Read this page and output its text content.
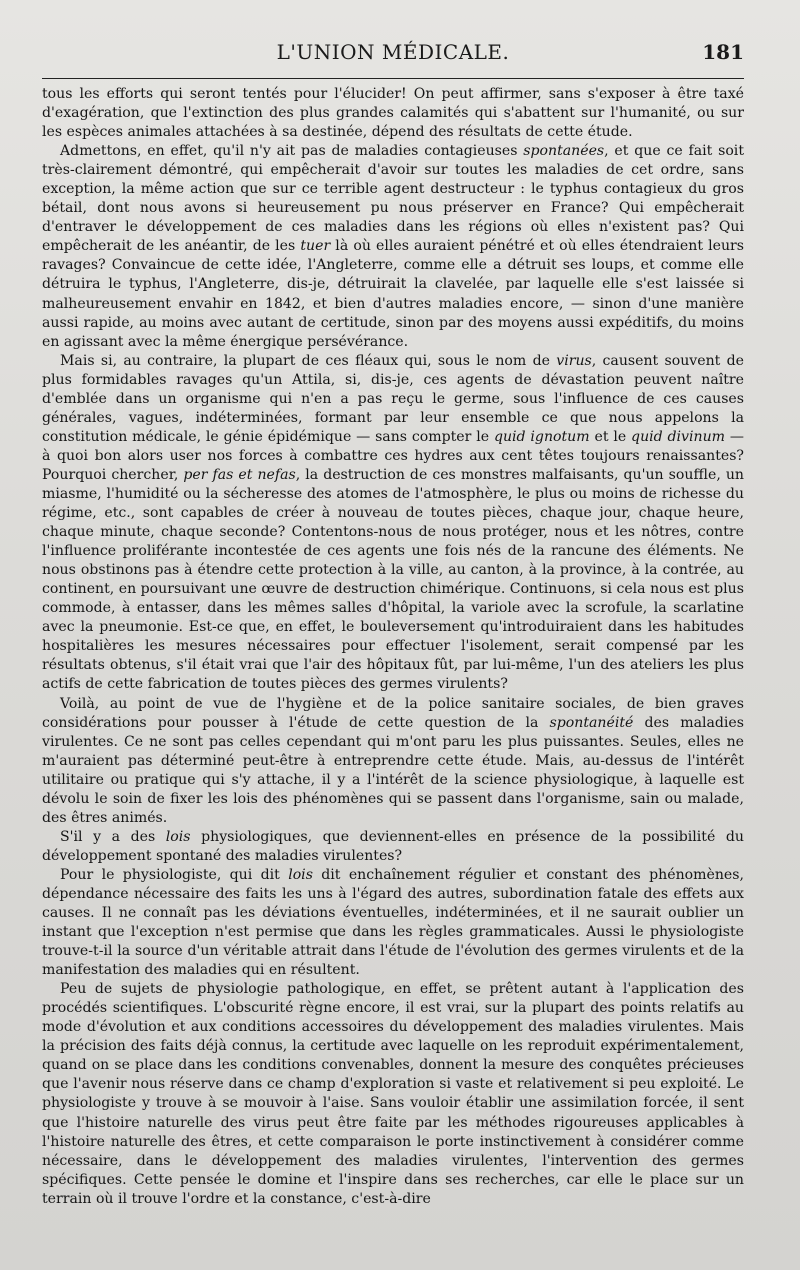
L'UNION MÉDICALE.	181

tous les efforts qui seront tentés pour l'élucider! On peut affirmer, sans s'exposer à être taxé d'exagération, que l'extinction des plus grandes calamités qui s'abattent sur l'humanité, ou sur les espèces animales attachées à sa destinée, dépend des résultats de cette étude.

Admettons, en effet, qu'il n'y ait pas de maladies contagieuses spontanées, et que ce fait soit très-clairement démontré, qui empêcherait d'avoir sur toutes les maladies de cet ordre, sans exception, la même action que sur ce terrible agent destructeur : le typhus contagieux du gros bétail, dont nous avons si heureusement pu nous préserver en France? Qui empêcherait d'entraver le développement de ces maladies dans les régions où elles n'existent pas? Qui empêcherait de les anéantir, de les tuer là où elles auraient pénétré et où elles étendraient leurs ravages? Convaincue de cette idée, l'Angleterre, comme elle a détruit ses loups, et comme elle détruira le typhus, l'Angleterre, dis-je, détruirait la clavelée, par laquelle elle s'est laissée si malheureusement envahir en 1842, et bien d'autres maladies encore, — sinon d'une manière aussi rapide, au moins avec autant de certitude, sinon par des moyens aussi expéditifs, du moins en agissant avec la même énergique persévérance.

Mais si, au contraire, la plupart de ces fléaux qui, sous le nom de virus, causent souvent de plus formidables ravages qu'un Attila, si, dis-je, ces agents de dévastation peuvent naître d'emblée dans un organisme qui n'en a pas reçu le germe, sous l'influence de ces causes générales, vagues, indéterminées, formant par leur ensemble ce que nous appelons la constitution médicale, le génie épidémique — sans compter le quid ignotum et le quid divinum — à quoi bon alors user nos forces à combattre ces hydres aux cent têtes toujours renaissantes? Pourquoi chercher, per fas et nefas, la destruction de ces monstres malfaisants, qu'un souffle, un miasme, l'humidité ou la sécheresse des atomes de l'atmosphère, le plus ou moins de richesse du régime, etc., sont capables de créer à nouveau de toutes pièces, chaque jour, chaque heure, chaque minute, chaque seconde? Contentons-nous de nous protéger, nous et les nôtres, contre l'influence proliférante incontestée de ces agents une fois nés de la rancune des éléments. Ne nous obstinons pas à étendre cette protection à la ville, au canton, à la province, à la contrée, au continent, en poursuivant une œuvre de destruction chimérique. Continuons, si cela nous est plus commode, à entasser, dans les mêmes salles d'hôpital, la variole avec la scrofule, la scarlatine avec la pneumonie. Est-ce que, en effet, le bouleversement qu'introduiraient dans les habitudes hospitalières les mesures nécessaires pour effectuer l'isolement, serait compensé par les résultats obtenus, s'il était vrai que l'air des hôpitaux fût, par lui-même, l'un des ateliers les plus actifs de cette fabrication de toutes pièces des germes virulents?

Voilà, au point de vue de l'hygiène et de la police sanitaire sociales, de bien graves considérations pour pousser à l'étude de cette question de la spontanéité des maladies virulentes. Ce ne sont pas celles cependant qui m'ont paru les plus puissantes. Seules, elles ne m'auraient pas déterminé peut-être à entreprendre cette étude. Mais, au-dessus de l'intérêt utilitaire ou pratique qui s'y attache, il y a l'intérêt de la science physiologique, à laquelle est dévolu le soin de fixer les lois des phénomènes qui se passent dans l'organisme, sain ou malade, des êtres animés.

S'il y a des lois physiologiques, que deviennent-elles en présence de la possibilité du développement spontané des maladies virulentes?

Pour le physiologiste, qui dit lois dit enchaînement régulier et constant des phénomènes, dépendance nécessaire des faits les uns à l'égard des autres, subordination fatale des effets aux causes. Il ne connaît pas les déviations éventuelles, indéterminées, et il ne saurait oublier un instant que l'exception n'est permise que dans les règles grammaticales. Aussi le physiologiste trouve-t-il la source d'un véritable attrait dans l'étude de l'évolution des germes virulents et de la manifestation des maladies qui en résultent.

Peu de sujets de physiologie pathologique, en effet, se prêtent autant à l'application des procédés scientifiques. L'obscurité règne encore, il est vrai, sur la plupart des points relatifs au mode d'évolution et aux conditions accessoires du développement des maladies virulentes. Mais la précision des faits déjà connus, la certitude avec laquelle on les reproduit expérimentalement, quand on se place dans les conditions convenables, donnent la mesure des conquêtes précieuses que l'avenir nous réserve dans ce champ d'exploration si vaste et relativement si peu exploité. Le physiologiste y trouve à se mouvoir à l'aise. Sans vouloir établir une assimilation forcée, il sent que l'histoire naturelle des virus peut être faite par les méthodes rigoureuses applicables à l'histoire naturelle des êtres, et cette comparaison le porte instinctivement à considérer comme nécessaire, dans le développement des maladies virulentes, l'intervention des germes spécifiques. Cette pensée le domine et l'inspire dans ses recherches, car elle le place sur un terrain où il trouve l'ordre et la constance, c'est-à-dire
